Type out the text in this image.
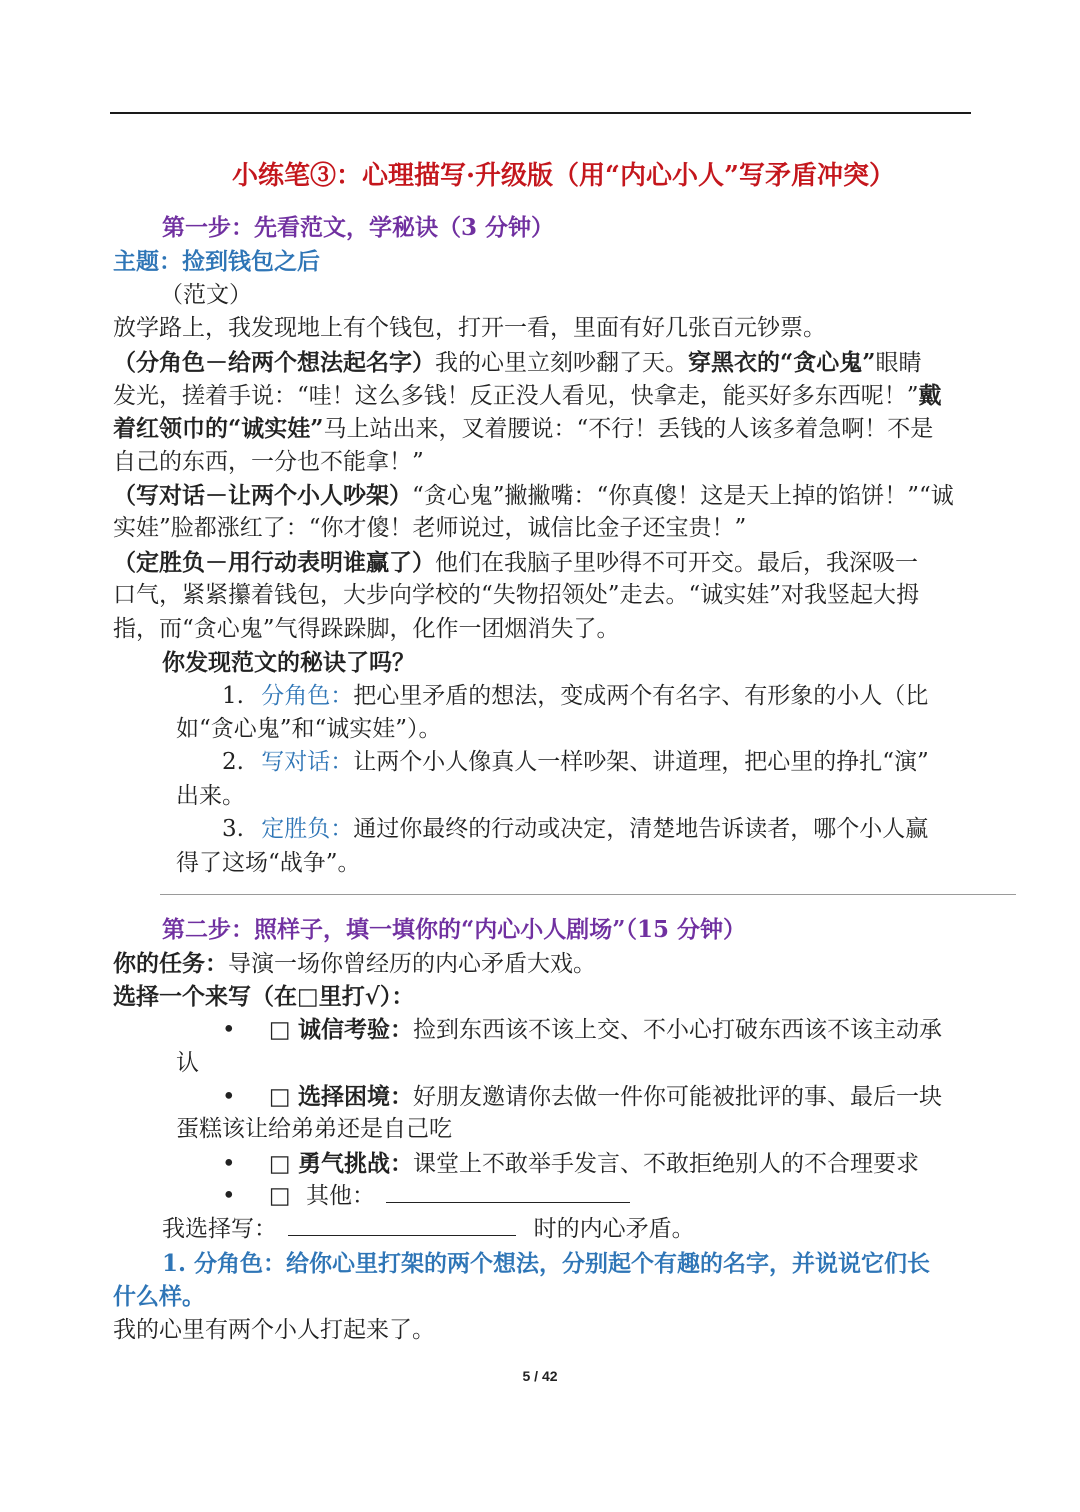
小练笔③：心理描写·升级版（用“内心小人”写矛盾冲突）
第一步：先看范文，学秘诀（3 分钟）
主题：捡到钱包之后
（范文）
放学路上，我发现地上有个钱包，打开一看，里面有好几张百元钞票。
（分角色－给两个想法起名字）我的心里立刻吵翻了天。穿黑衣的“贪心鬼”眼睛
发光，搓着手说：“哇！这么多钱！反正没人看见，快拿走，能买好多东西呢！”戴
着红领巾的“诚实娃”马上站出来，叉着腰说：“不行！丢钱的人该多着急啊！不是
自己的东西，一分也不能拿！”
（写对话－让两个小人吵架）“贪心鬼”撇撇嘴：“你真傻！这是天上掉的馅饼！”“诚
实娃”脸都涨红了：“你才傻！老师说过，诚信比金子还宝贵！”
（定胜负－用行动表明谁赢了）他们在我脑子里吵得不可开交。最后，我深吸一
口气，紧紧攥着钱包，大步向学校的“失物招领处”走去。“诚实娃”对我竖起大拇
指，而“贪心鬼”气得跺跺脚，化作一团烟消失了。
你发现范文的秘诀了吗？
1. 分角色：把心里矛盾的想法，变成两个有名字、有形象的小人（比
如“贪心鬼”和“诚实娃”）。
2. 写对话：让两个小人像真人一样吵架、讲道理，把心里的挣扎“演”
出来。
3. 定胜负：通过你最终的行动或决定，清楚地告诉读者，哪个小人赢
得了这场“战争”。
第二步：照样子，填一填你的“内心小人剧场”（15 分钟）
你的任务：导演一场你曾经历的内心矛盾大戏。
选择一个来写（在□里打√）：
• □ 诚信考验：捡到东西该不该上交、不小心打破东西该不该主动承
认
• □ 选择困境：好朋友邀请你去做一件你可能被批评的事、最后一块
蛋糕该让给弟弟还是自己吃
• □ 勇气挑战：课堂上不敢举手发言、不敢拒绝别人的不合理要求
• □ 其他：
我选择写：	时的内心矛盾。
1. 分角色：给你心里打架的两个想法，分别起个有趣的名字，并说说它们长
什么样。
我的心里有两个小人打起来了。
5 / 42
